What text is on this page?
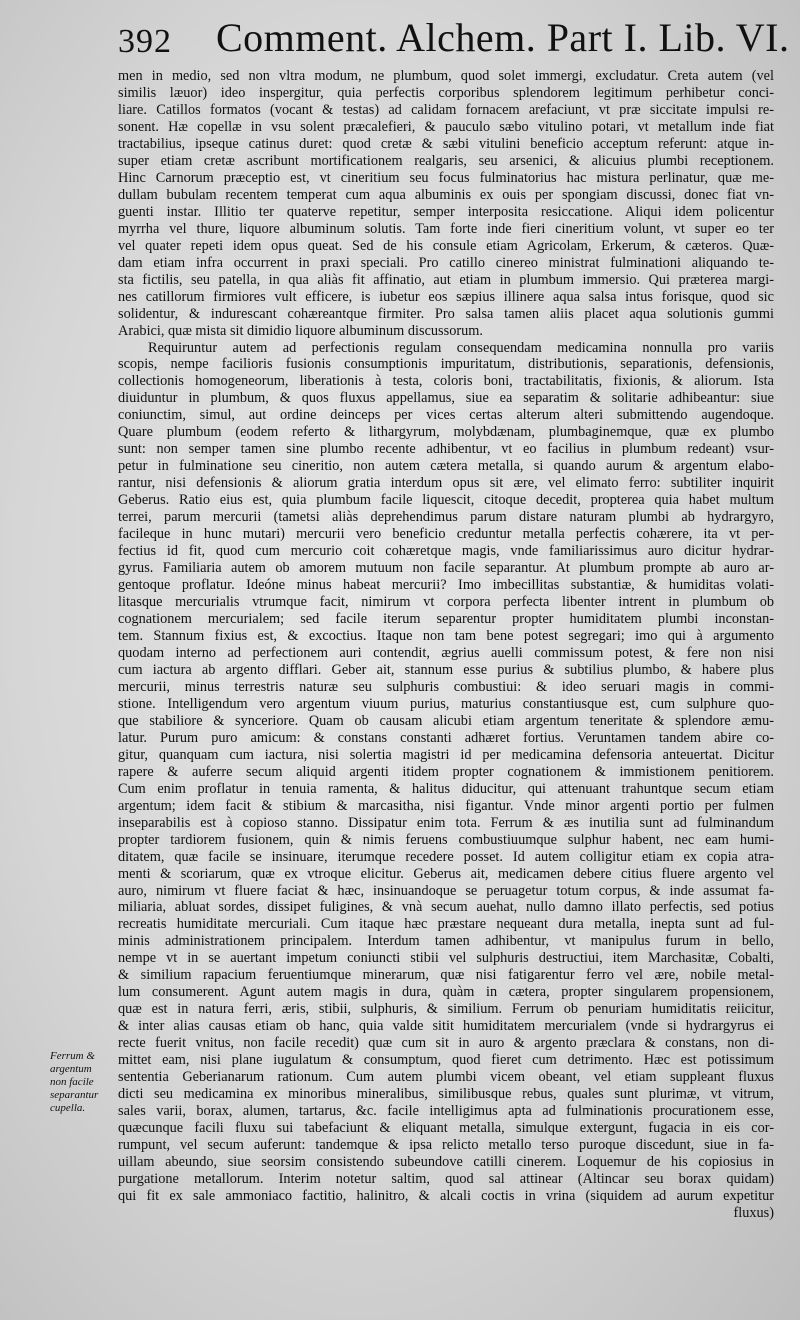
392 Comment. Alchem. Part I. Lib. VI.
Ferrum &
argentum
non facile
separantur
cupella.
men in medio, sed non vltra modum, ne plumbum, quod solet immergi, excludatur. Creta autem (vel
similis læuor) ideo inspergitur, quia perfectis corporibus splendorem legitimum perhibetur conci-
liare. Catillos formatos (vocant & testas) ad calidam fornacem arefaciunt, vt præ siccitate impulsi re-
sonent. Hæ copellæ in vsu solent præcalefieri, & pauculo sæbo vitulino potari, vt metallum inde fiat
tractabilius, ipseque catinus duret: quod cretæ & sæbi vitulini beneficio acceptum referunt: atque in-
super etiam cretæ ascribunt mortificationem realgaris, seu arsenici, & alicuius plumbi receptionem.
Hinc Carnorum præceptio est, vt cineritium seu focus fulminatorius hac mistura perlinatur, quæ me-
dullam bubulam recentem temperat cum aqua albuminis ex ouis per spongiam discussi, donec fiat vn-
guenti instar. Illitio ter quaterve repetitur, semper interposita resiccatione. Aliqui idem policentur
myrrha vel thure, liquore albuminum solutis. Tam forte inde fieri cineritium volunt, vt super eo ter
vel quater repeti idem opus queat. Sed de his consule etiam Agricolam, Erkerum, & cæteros. Quæ-
dam etiam infra occurrent in praxi speciali. Pro catillo cinereo ministrat fulminationi aliquando te-
sta fictilis, seu patella, in qua aliàs fit affinatio, aut etiam in plumbum immersio. Qui præterea margi-
nes catillorum firmiores vult efficere, is iubetur eos sæpius illinere aqua salsa intus forisque, quod sic
solidentur, & indurescant cohæreantque firmiter. Pro salsa tamen aliis placet aqua solutionis gummi
Arabici, quæ mista sit dimidio liquore albuminum discussorum.
Requiruntur autem ad perfectionis regulam consequendam medicamina nonnulla pro variis
scopis, nempe facilioris fusionis consumptionis impuritatum, distributionis, separationis, defensionis,
collectionis homogeneorum, liberationis à testa, coloris boni, tractabilitatis, fixionis, & aliorum. Ista
diuiduntur in plumbum, & quos fluxus appellamus, siue ea separatim & solitarie adhibeantur: siue
coniunctim, simul, aut ordine deinceps per vices certas alterum alteri submittendo augendoque.
Quare plumbum (eodem referto & lithargyrum, molybdænam, plumbaginemque, quæ ex plumbo
sunt: non semper tamen sine plumbo recente adhibentur, vt eo facilius in plumbum redeant) vsur-
petur in fulminatione seu cineritio, non autem cætera metalla, si quando aurum & argentum elabo-
rantur, nisi defensionis & aliorum gratia interdum opus sit ære, vel elimato ferro: subtiliter inquirit
Geberus. Ratio eius est, quia plumbum facile liquescit, citoque decedit, propterea quia habet multum
terrei, parum mercurii (tametsi aliàs deprehendimus parum distare naturam plumbi ab hydrargyro,
facileque in hunc mutari) mercurii vero beneficio creduntur metalla perfectis cohærere, ita vt per-
fectius id fit, quod cum mercurio coit cohæretque magis, vnde familiarissimus auro dicitur hydrar-
gyrus. Familiaria autem ob amorem mutuum non facile separantur. At plumbum prompte ab auro ar-
gentoque proflatur. Ideóne minus habeat mercurii? Imo imbecillitas substantiæ, & humiditas volati-
litasque mercurialis vtrumque facit, nimirum vt corpora perfecta libenter intrent in plumbum ob
cognationem mercurialem; sed facile iterum separentur propter humiditatem plumbi inconstan-
tem. Stannum fixius est, & excoctius. Itaque non tam bene potest segregari; imo qui à argumento
quodam interno ad perfectionem auri contendit, ægrius auelli commissum potest, & fere non nisi
cum iactura ab argento difflari. Geber ait, stannum esse purius & subtilius plumbo, & habere plus
mercurii, minus terrestris naturæ seu sulphuris combustiui: & ideo seruari magis in commi-
stione. Intelligendum vero argentum viuum purius, maturius constantiusque est, cum sulphure quo-
que stabiliore & synceriore. Quam ob causam alicubi etiam argentum teneritate & splendore æmu-
latur. Purum puro amicum: & constans constanti adhæret fortius. Veruntamen tandem abire co-
gitur, quanquam cum iactura, nisi solertia magistri id per medicamina defensoria anteuertat. Dicitur
rapere & auferre secum aliquid argenti itidem propter cognationem & immistionem penitiorem.
Cum enim proflatur in tenuia ramenta, & halitus diducitur, qui attenuant trahuntque secum etiam
argentum; idem facit & stibium & marcasitha, nisi figantur. Vnde minor argenti portio per fulmen
inseparabilis est à copioso stanno. Dissipatur enim tota. Ferrum & æs inutilia sunt ad fulminandum
propter tardiorem fusionem, quin & nimis feruens combustiuumque sulphur habent, nec eam humi-
ditatem, quæ facile se insinuare, iterumque recedere posset. Id autem colligitur etiam ex copia atra-
menti & scoriarum, quæ ex vtroque elicitur. Geberus ait, medicamen debere citius fluere argento vel
auro, nimirum vt fluere faciat & hæc, insinuandoque se peruagetur totum corpus, & inde assumat fa-
miliaria, abluat sordes, dissipet fuligines, & vnà secum auehat, nullo damno illato perfectis, sed potius
recreatis humiditate mercuriali. Cum itaque hæc præstare nequeant dura metalla, inepta sunt ad ful-
minis administrationem principalem. Interdum tamen adhibentur, vt manipulus furum in bello,
nempe vt in se auertant impetum coniuncti stibii vel sulphuris destructiui, item Marchasitæ, Cobalti,
& similium rapacium feruentiumque minerarum, quæ nisi fatigarentur ferro vel ære, nobile metal-
lum consumerent. Agunt autem magis in dura, quàm in cætera, propter singularem propensionem,
quæ est in natura ferri, æris, stibii, sulphuris, & similium. Ferrum ob penuriam humiditatis reiicitur,
& inter alias causas etiam ob hanc, quia valde sitit humiditatem mercurialem (vnde si hydrargyrus ei
recte fuerit vnitus, non facile recedit) quæ cum sit in auro & argento præclara & constans, non di-
mittet eam, nisi plane iugulatum & consumptum, quod fieret cum detrimento. Hæc est potissimum
sententia Geberianarum rationum. Cum autem plumbi vicem obeant, vel etiam suppleant fluxus
dicti seu medicamina ex minoribus mineralibus, similibusque rebus, quales sunt plurimæ, vt vitrum,
sales varii, borax, alumen, tartarus, &c. facile intelligimus apta ad fulminationis procurationem esse,
quæcunque facili fluxu sui tabefaciunt & eliquant metalla, simulque extergunt, fugacia in eis cor-
rumpunt, vel secum auferunt: tandemque & ipsa relicto metallo terso puroque discedunt, siue in fa-
uillam abeundo, siue seorsim consistendo subeundove catilli cinerem. Loquemur de his copiosius in
purgatione metallorum. Interim notetur saltim, quod sal attinear (Altincar seu borax quidam)
qui fit ex sale ammoniaco factitio, halinitro, & alcali coctis in vrina (siquidem ad aurum expetitur
fluxus)
